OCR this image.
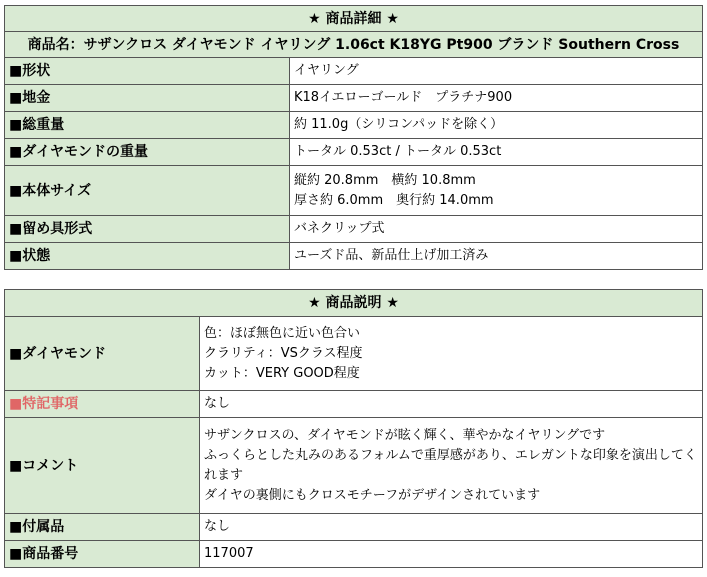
★ 商品詳細 ★	
商品名：サザンクロス ダイヤモンド イヤリング 1.06ct K18YG Pt900 ブランド Southern Cross	
■形状	イヤリング
■地金	K18イエローゴールド　プラチナ900
■総重量	約 11.0g（シリコンパッドを除く）
■ダイヤモンドの重量	トータル 0.53ct / トータル 0.53ct
■本体サイズ	縦約 20.8mm　横約 10.8mm
厚さ約 6.0mm　奥行約 14.0mm

■留め具形式	バネクリップ式
■状態	ユーズド品、新品仕上げ加工済み
★ 商品説明 ★	
■ダイヤモンド	色：ほぼ無色に近い色合い
クラリティ：VSクラス程度
カット：VERY GOOD程度

■特記事項	なし
■コメント	サザンクロスの、ダイヤモンドが眩く輝く、華やかなイヤリングです
ふっくらとした丸みのあるフォルムで重厚感があり、エレガントな印象を演出してくれます
ダイヤの裏側にもクロスモチーフがデザインされています

■付属品	なし
■商品番号	117007
